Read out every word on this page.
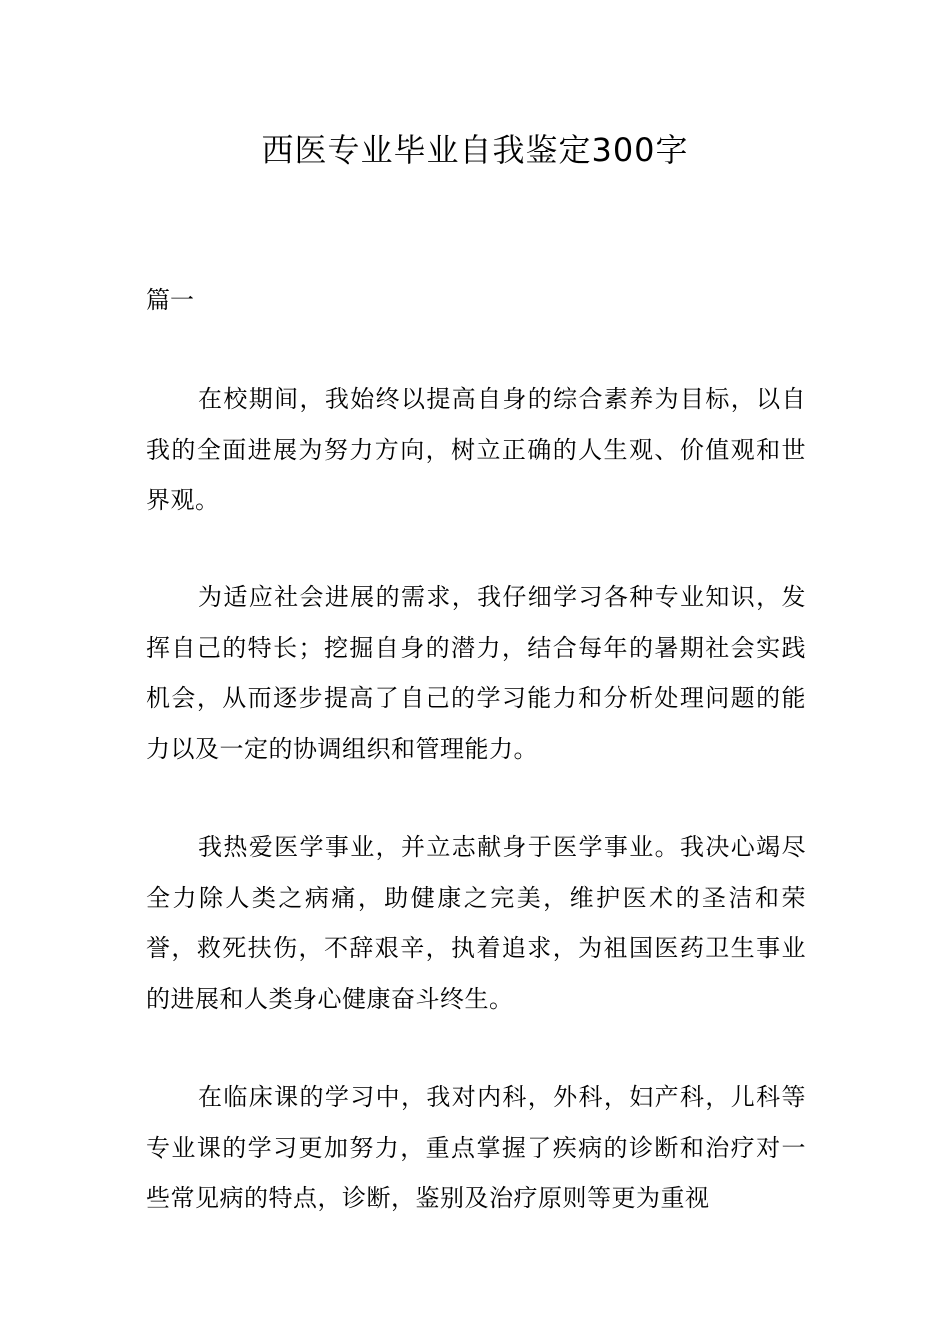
西医专业毕业自我鉴定300字

篇一

在校期间，我始终以提高自身的综合素养为目标，以自我的全面进展为努力方向，树立正确的人生观、价值观和世界观。

为适应社会进展的需求，我仔细学习各种专业知识，发挥自己的特长；挖掘自身的潜力，结合每年的暑期社会实践机会，从而逐步提高了自己的学习能力和分析处理问题的能力以及一定的协调组织和管理能力。

我热爱医学事业，并立志献身于医学事业。我决心竭尽全力除人类之病痛，助健康之完美，维护医术的圣洁和荣誉，救死扶伤，不辞艰辛，执着追求，为祖国医药卫生事业的进展和人类身心健康奋斗终生。

在临床课的学习中，我对内科，外科，妇产科，儿科等专业课的学习更加努力，重点掌握了疾病的诊断和治疗对一些常见病的特点，诊断，鉴别及治疗原则等更为重视
